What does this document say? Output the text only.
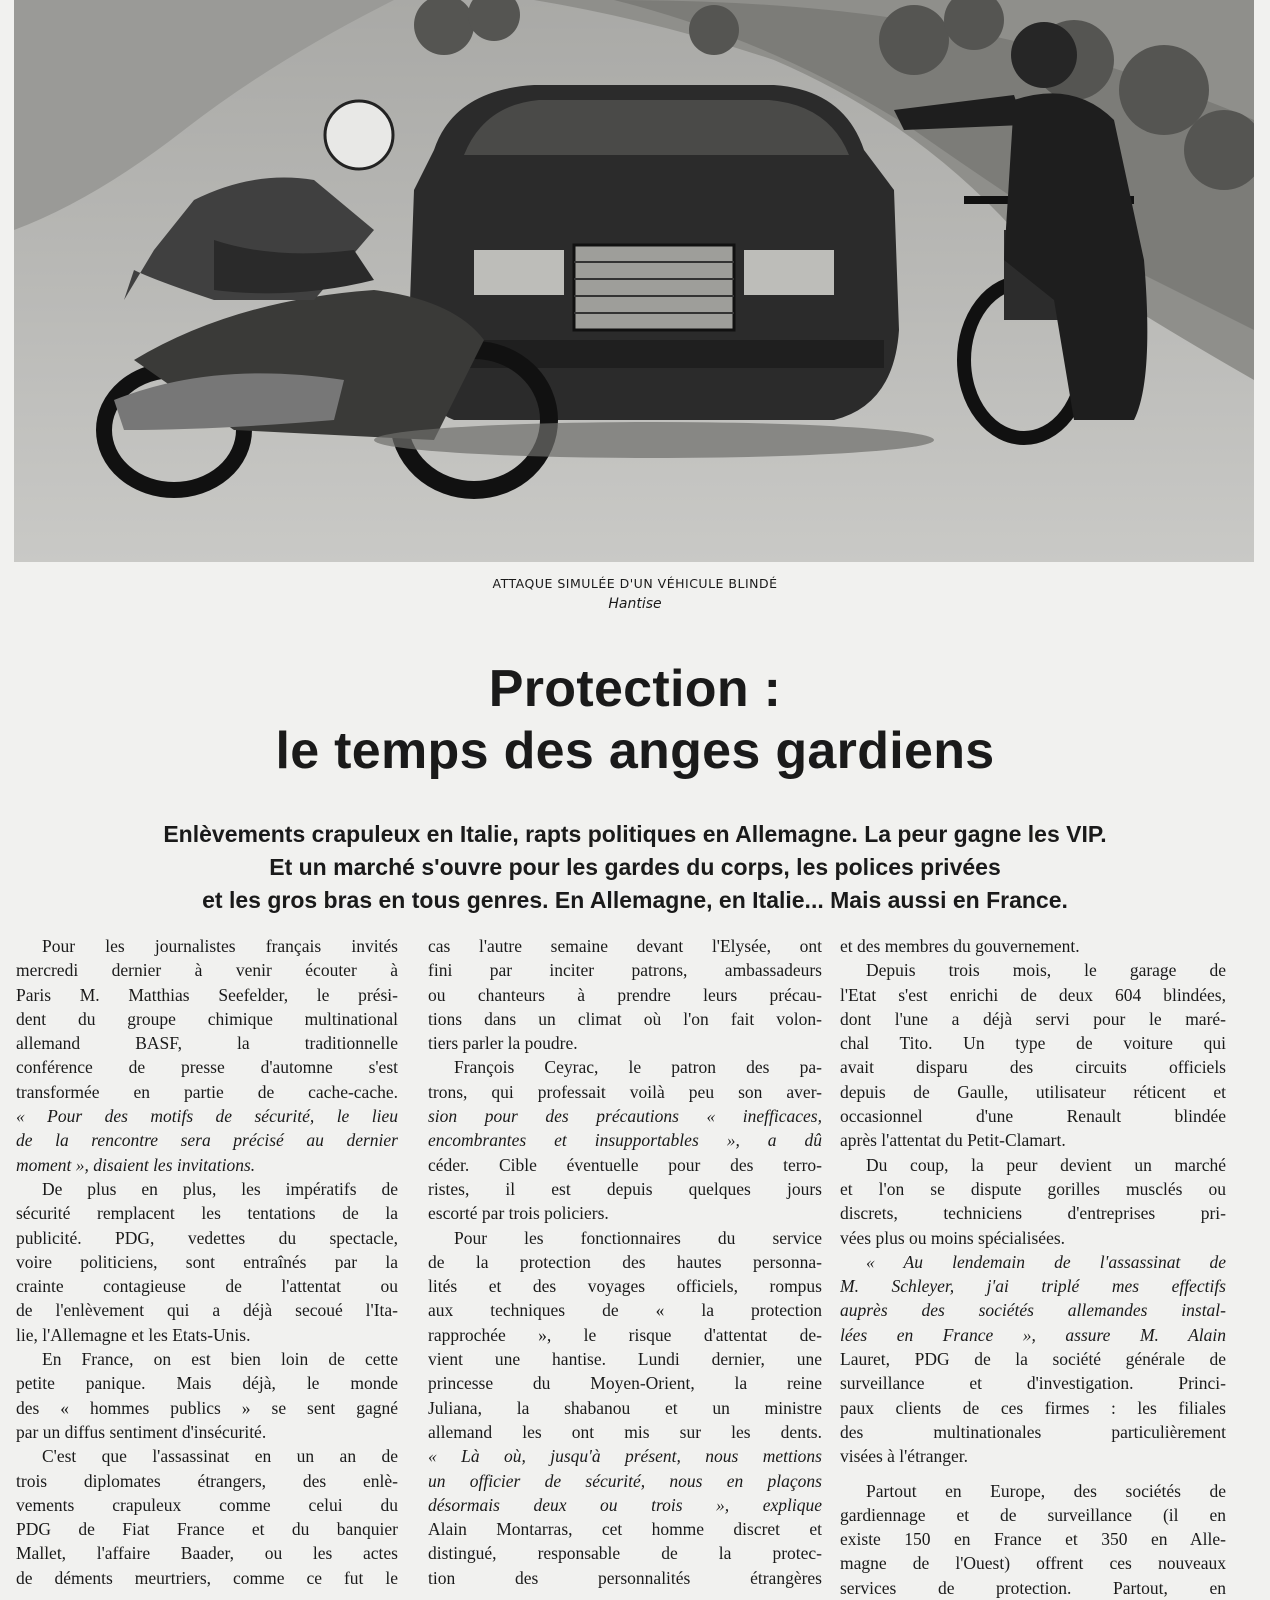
ATTAQUE SIMULÉE D'UN VÉHICULE BLINDÉ
Hantise
Protection :
le temps des anges gardiens
Enlèvements crapuleux en Italie, rapts politiques en Allemagne. La peur gagne les VIP.
Et un marché s'ouvre pour les gardes du corps, les polices privées
et les gros bras en tous genres. En Allemagne, en Italie... Mais aussi en France.
Pour les journalistes français invités
mercredi dernier à venir écouter à
Paris M. Matthias Seefelder, le prési-
dent du groupe chimique multinational
allemand BASF, la traditionnelle
conférence de presse d'automne s'est
transformée en partie de cache-cache.
« Pour des motifs de sécurité, le lieu
de la rencontre sera précisé au dernier
moment », disaient les invitations.
De plus en plus, les impératifs de
sécurité remplacent les tentations de la
publicité. PDG, vedettes du spectacle,
voire politiciens, sont entraînés par la
crainte contagieuse de l'attentat ou
de l'enlèvement qui a déjà secoué l'Ita-
lie, l'Allemagne et les Etats-Unis.
En France, on est bien loin de cette
petite panique. Mais déjà, le monde
des « hommes publics » se sent gagné
par un diffus sentiment d'insécurité.
C'est que l'assassinat en un an de
trois diplomates étrangers, des enlè-
vements crapuleux comme celui du
PDG de Fiat France et du banquier
Mallet, l'affaire Baader, ou les actes
de déments meurtriers, comme ce fut le
cas l'autre semaine devant l'Elysée, ont
fini par inciter patrons, ambassadeurs
ou chanteurs à prendre leurs précau-
tions dans un climat où l'on fait volon-
tiers parler la poudre.
François Ceyrac, le patron des pa-
trons, qui professait voilà peu son aver-
sion pour des précautions « inefficaces,
encombrantes et insupportables », a dû
céder. Cible éventuelle pour des terro-
ristes, il est depuis quelques jours
escorté par trois policiers.
Pour les fonctionnaires du service
de la protection des hautes personna-
lités et des voyages officiels, rompus
aux techniques de « la protection
rapprochée », le risque d'attentat de-
vient une hantise. Lundi dernier, une
princesse du Moyen-Orient, la reine
Juliana, la shabanou et un ministre
allemand les ont mis sur les dents.
« Là où, jusqu'à présent, nous mettions
un officier de sécurité, nous en plaçons
désormais deux ou trois », explique
Alain Montarras, cet homme discret et
distingué, responsable de la protec-
tion des personnalités étrangères
et des membres du gouvernement.
Depuis trois mois, le garage de
l'Etat s'est enrichi de deux 604 blindées,
dont l'une a déjà servi pour le maré-
chal Tito. Un type de voiture qui
avait disparu des circuits officiels
depuis de Gaulle, utilisateur réticent et
occasionnel d'une Renault blindée
après l'attentat du Petit-Clamart.
Du coup, la peur devient un marché
et l'on se dispute gorilles musclés ou
discrets, techniciens d'entreprises pri-
vées plus ou moins spécialisées.
« Au lendemain de l'assassinat de
M. Schleyer, j'ai triplé mes effectifs
auprès des sociétés allemandes instal-
lées en France », assure M. Alain
Lauret, PDG de la société générale de
surveillance et d'investigation. Princi-
paux clients de ces firmes : les filiales
des multinationales particulièrement
visées à l'étranger.
Partout en Europe, des sociétés de
gardiennage et de surveillance (il en
existe 150 en France et 350 en Alle-
magne de l'Ouest) offrent ces nouveaux
services de protection. Partout, en
